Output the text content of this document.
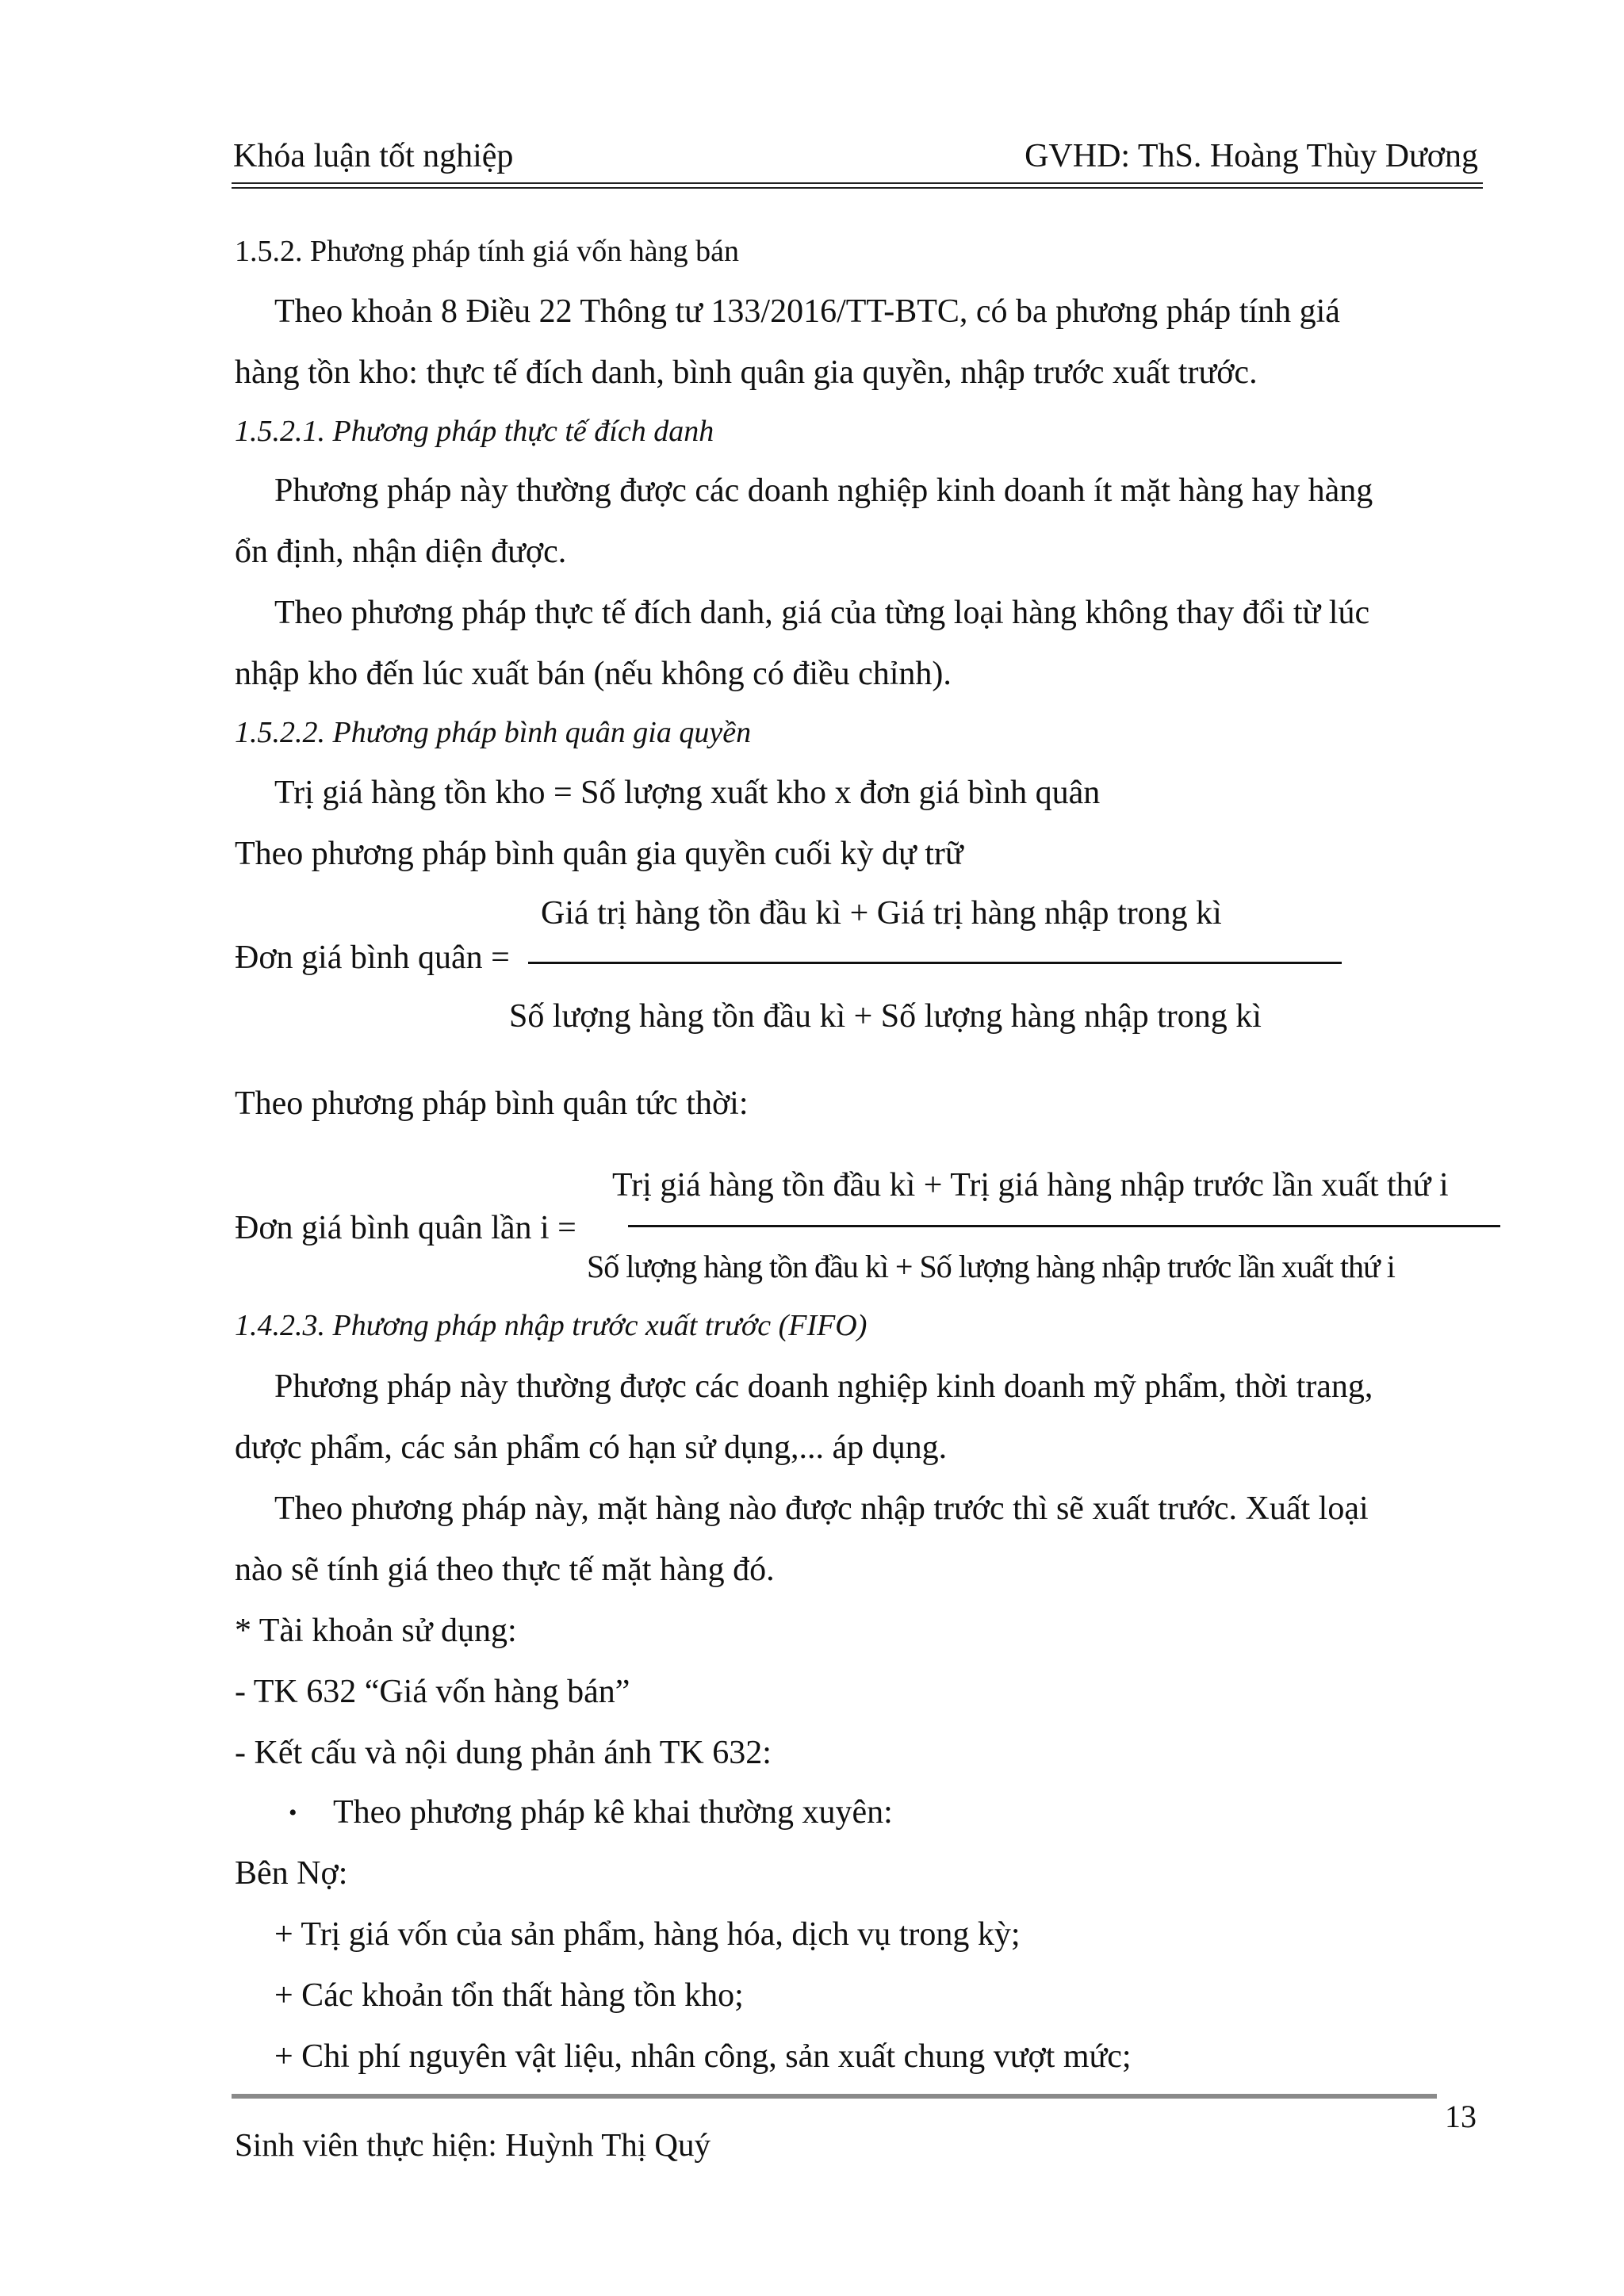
Khóa luận tốt nghiệp	GVHD: ThS. Hoàng Thùy Dương
1.5.2. Phương pháp tính giá vốn hàng bán
Theo khoản 8 Điều 22 Thông tư 133/2016/TT-BTC, có ba phương pháp tính giá
hàng tồn kho: thực tế đích danh, bình quân gia quyền, nhập trước xuất trước.
1.5.2.1. Phương pháp thực tế đích danh
Phương pháp này thường được các doanh nghiệp kinh doanh ít mặt hàng hay hàng
ổn định, nhận diện được.
Theo phương pháp thực tế đích danh, giá của từng loại hàng không thay đổi từ lúc
nhập kho đến lúc xuất bán (nếu không có điều chỉnh).
1.5.2.2. Phương pháp bình quân gia quyền
Trị giá hàng tồn kho = Số lượng xuất kho x đơn giá bình quân
Theo phương pháp bình quân gia quyền cuối kỳ dự trữ
Giá trị hàng tồn đầu kì + Giá trị hàng nhập trong kì
Đơn giá bình quân =
Số lượng hàng tồn đầu kì + Số lượng hàng nhập trong kì
Theo phương pháp bình quân tức thời:
Trị giá hàng tồn đầu kì + Trị giá hàng nhập trước lần xuất thứ i
Đơn giá bình quân lần i =
Số lượng hàng tồn đầu kì + Số lượng hàng nhập trước lần xuất thứ i
1.4.2.3. Phương pháp nhập trước xuất trước (FIFO)
Phương pháp này thường được các doanh nghiệp kinh doanh mỹ phẩm, thời trang,
dược phẩm, các sản phẩm có hạn sử dụng,... áp dụng.
Theo phương pháp này, mặt hàng nào được nhập trước thì sẽ xuất trước. Xuất loại
nào sẽ tính giá theo thực tế mặt hàng đó.
* Tài khoản sử dụng:
- TK 632 “Giá vốn hàng bán”
- Kết cấu và nội dung phản ánh TK 632:
• Theo phương pháp kê khai thường xuyên:
Bên Nợ:
+ Trị giá vốn của sản phẩm, hàng hóa, dịch vụ trong kỳ;
+ Các khoản tổn thất hàng tồn kho;
+ Chi phí nguyên vật liệu, nhân công, sản xuất chung vượt mức;
13
Sinh viên thực hiện: Huỳnh Thị Quý
